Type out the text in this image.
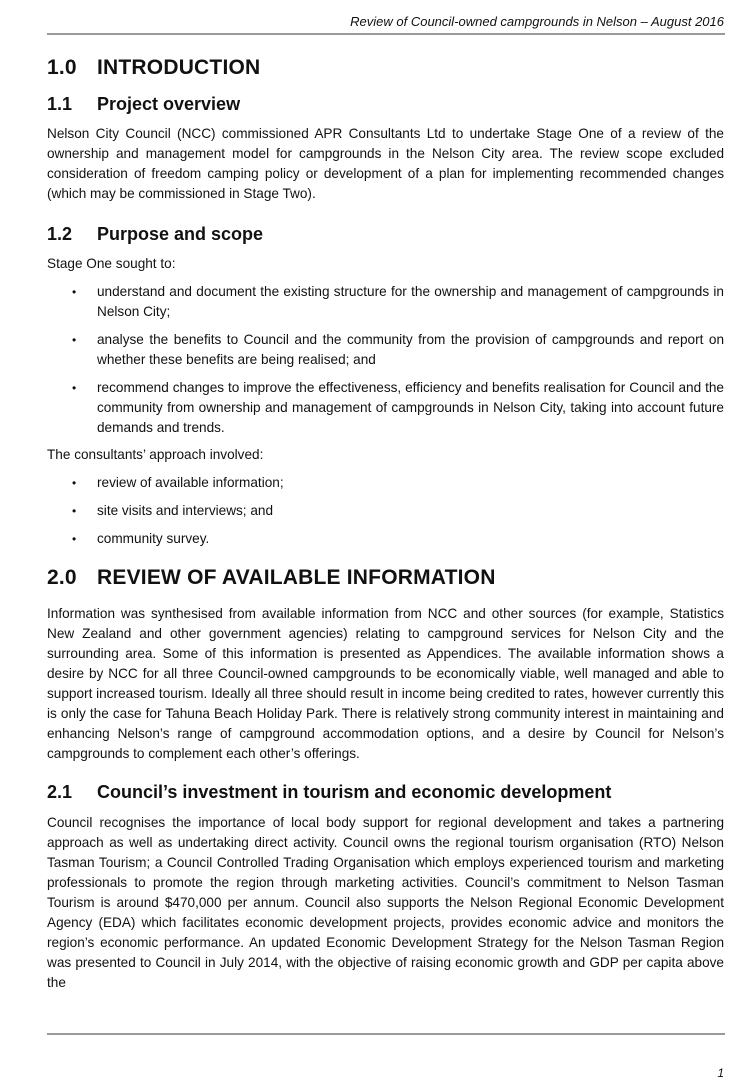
Review of Council-owned campgrounds in Nelson – August 2016
1.0 INTRODUCTION
1.1 Project overview

Nelson City Council (NCC) commissioned APR Consultants Ltd to undertake Stage One of a review of the ownership and management model for campgrounds in the Nelson City area. The review scope excluded consideration of freedom camping policy or development of a plan for implementing recommended changes (which may be commissioned in Stage Two).

1.2 Purpose and scope

Stage One sought to:

• understand and document the existing structure for the ownership and management of campgrounds in Nelson City;
• analyse the benefits to Council and the community from the provision of campgrounds and report on whether these benefits are being realised; and
• recommend changes to improve the effectiveness, efficiency and benefits realisation for Council and the community from ownership and management of campgrounds in Nelson City, taking into account future demands and trends.

The consultants’ approach involved:

• review of available information;
• site visits and interviews; and
• community survey.
2.0 REVIEW OF AVAILABLE INFORMATION

Information was synthesised from available information from NCC and other sources (for example, Statistics New Zealand and other government agencies) relating to campground services for Nelson City and the surrounding area. Some of this information is presented as Appendices. The available information shows a desire by NCC for all three Council-owned campgrounds to be economically viable, well managed and able to support increased tourism. Ideally all three should result in income being credited to rates, however currently this is only the case for Tahuna Beach Holiday Park. There is relatively strong community interest in maintaining and enhancing Nelson’s range of campground accommodation options, and a desire by Council for Nelson’s campgrounds to complement each other’s offerings.

2.1 Council’s investment in tourism and economic development

Council recognises the importance of local body support for regional development and takes a partnering approach as well as undertaking direct activity. Council owns the regional tourism organisation (RTO) Nelson Tasman Tourism; a Council Controlled Trading Organisation which employs experienced tourism and marketing professionals to promote the region through marketing activities. Council’s commitment to Nelson Tasman Tourism is around $470,000 per annum. Council also supports the Nelson Regional Economic Development Agency (EDA) which facilitates economic development projects, provides economic advice and monitors the region’s economic performance. An updated Economic Development Strategy for the Nelson Tasman Region was presented to Council in July 2014, with the objective of raising economic growth and GDP per capita above the

1
